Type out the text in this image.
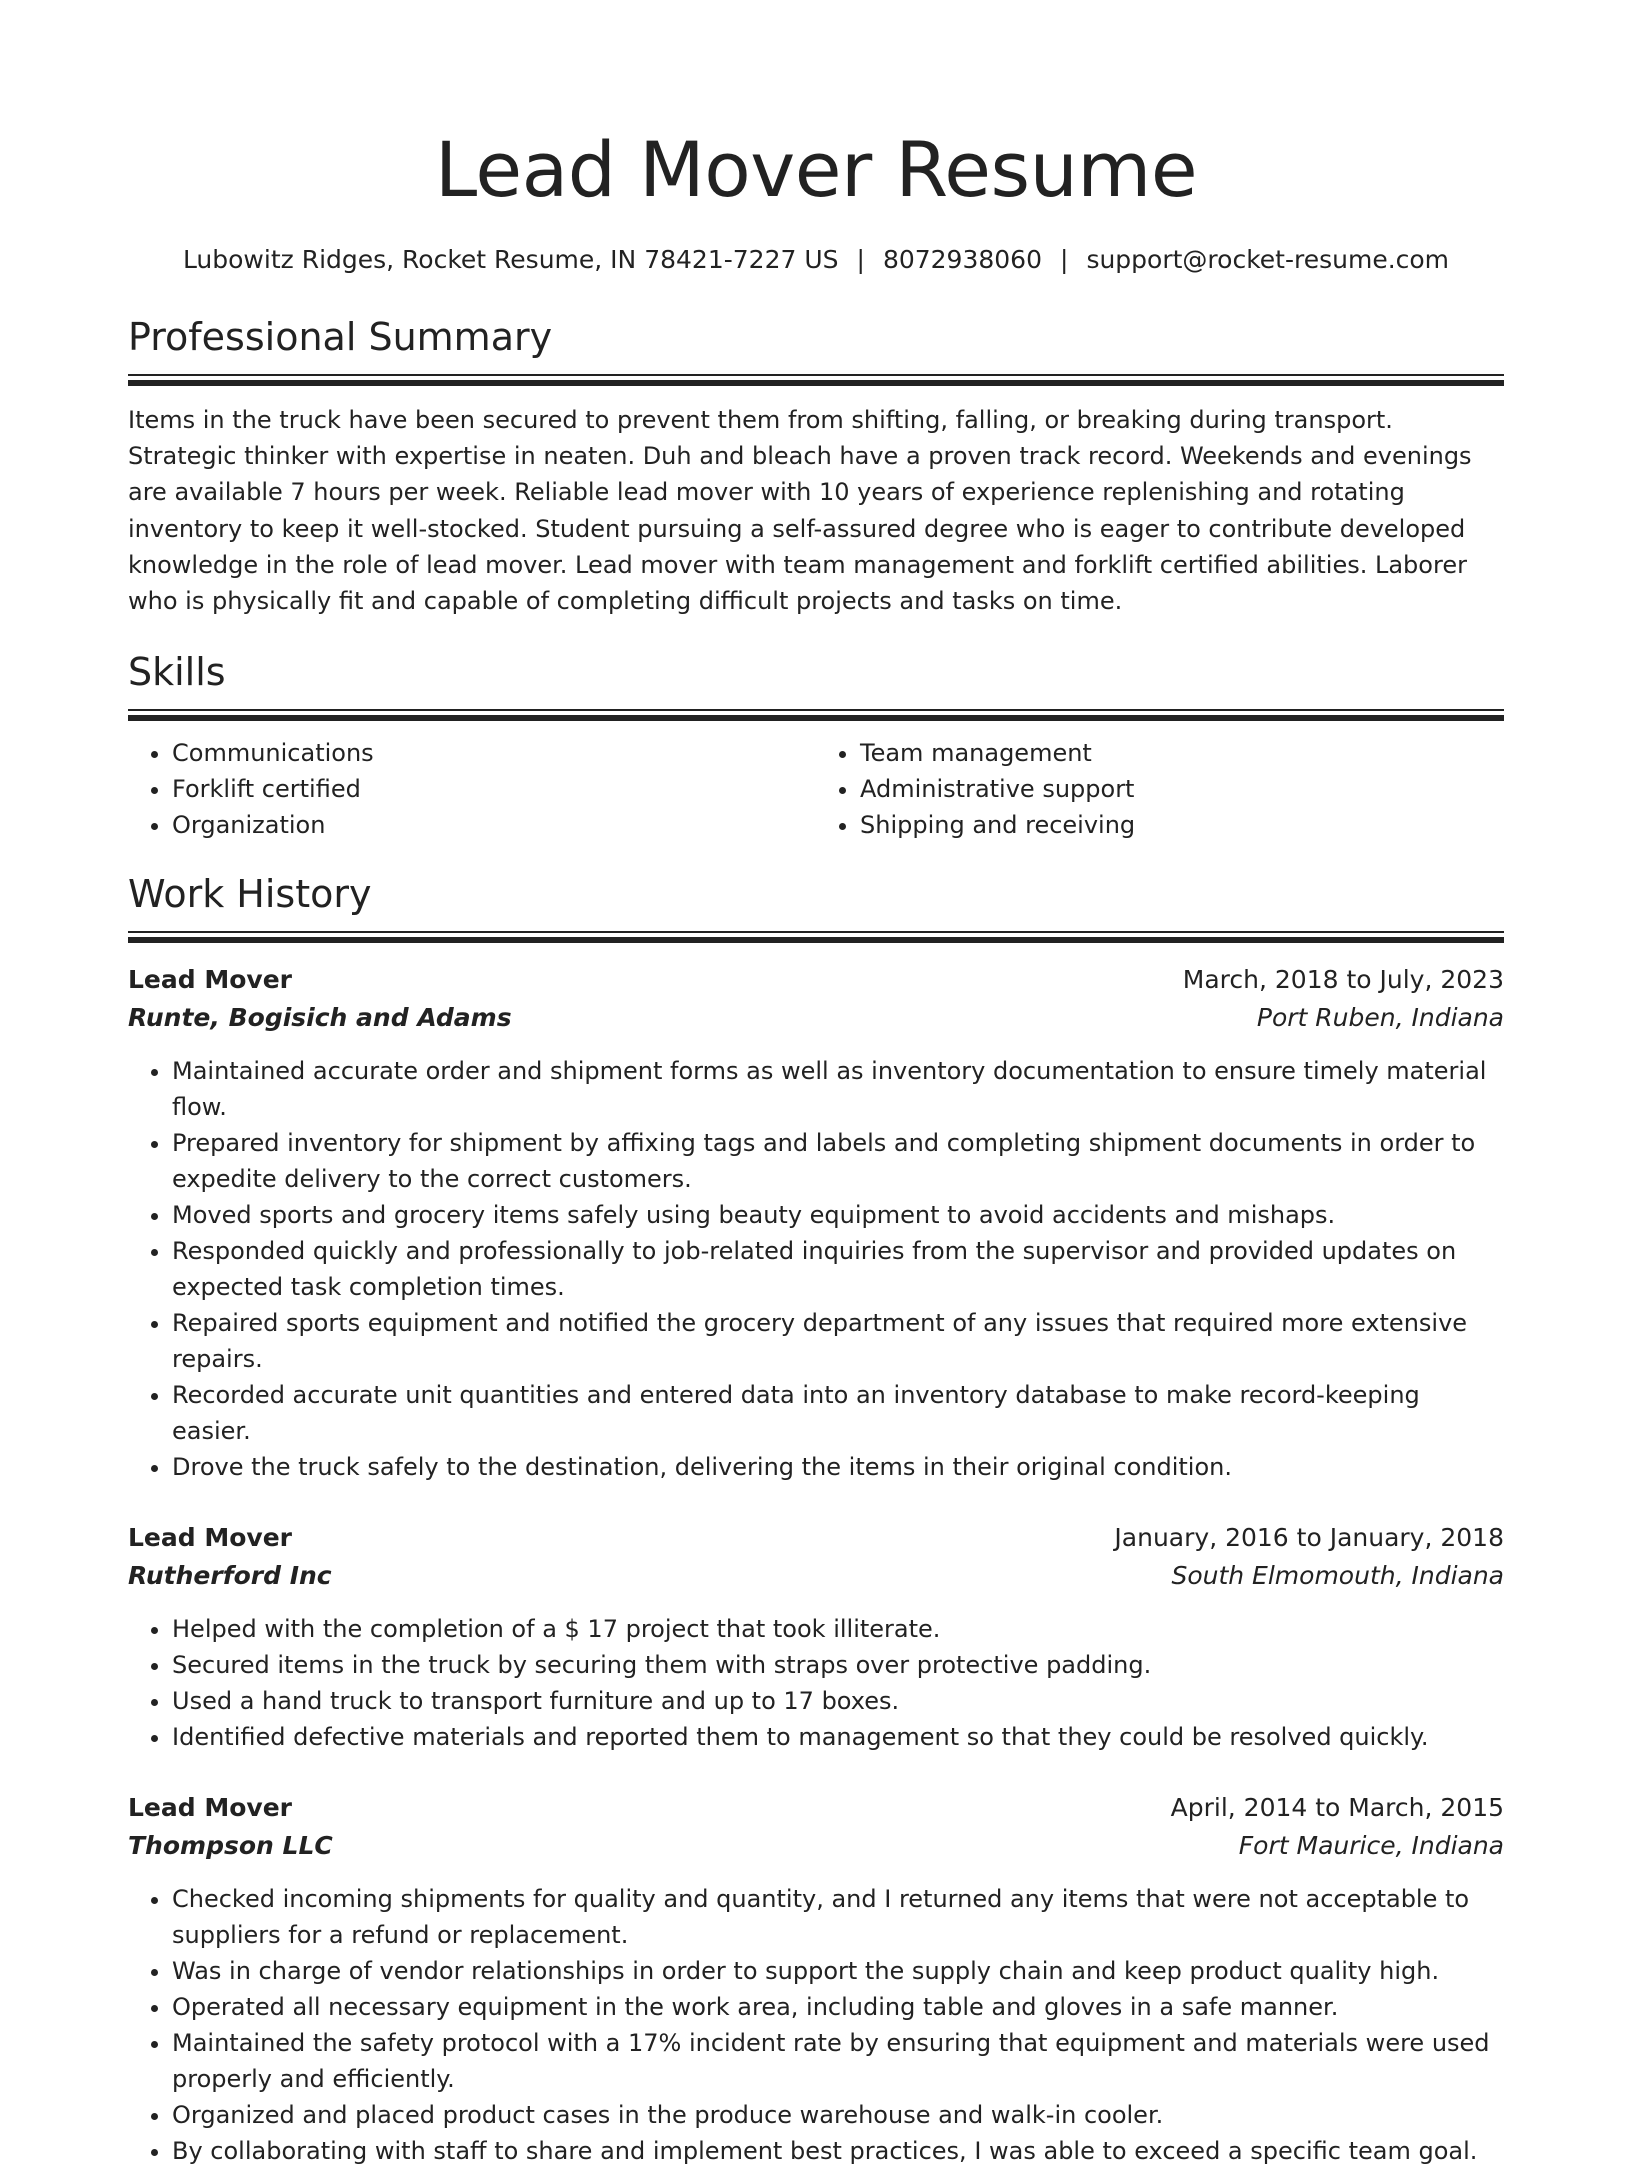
Lead Mover Resume
Lubowitz Ridges, Rocket Resume, IN 78421-7227 US | 8072938060 | support@rocket-resume.com
Professional Summary

Items in the truck have been secured to prevent them from shifting, falling, or breaking during transport. Strategic thinker with expertise in neaten. Duh and bleach have a proven track record. Weekends and evenings are available 7 hours per week. Reliable lead mover with 10 years of experience replenishing and rotating inventory to keep it well-stocked. Student pursuing a self-assured degree who is eager to contribute developed knowledge in the role of lead mover. Lead mover with team management and forklift certified abilities. Laborer who is physically fit and capable of completing difficult projects and tasks on time.

Skills
• Communications
• Forklift certified
• Organization
• Team management
• Administrative support
• Shipping and receiving
Work History
Lead Mover	March, 2018 to July, 2023
Runte, Bogisich and Adams	Port Ruben, Indiana
• Maintained accurate order and shipment forms as well as inventory documentation to ensure timely material flow.
• Prepared inventory for shipment by affixing tags and labels and completing shipment documents in order to expedite delivery to the correct customers.
• Moved sports and grocery items safely using beauty equipment to avoid accidents and mishaps.
• Responded quickly and professionally to job-related inquiries from the supervisor and provided updates on expected task completion times.
• Repaired sports equipment and notified the grocery department of any issues that required more extensive repairs.
• Recorded accurate unit quantities and entered data into an inventory database to make record-keeping easier.
• Drove the truck safely to the destination, delivering the items in their original condition.
Lead Mover	January, 2016 to January, 2018
Rutherford Inc	South Elmomouth, Indiana
• Helped with the completion of a $ 17 project that took illiterate.
• Secured items in the truck by securing them with straps over protective padding.
• Used a hand truck to transport furniture and up to 17 boxes.
• Identified defective materials and reported them to management so that they could be resolved quickly.
Lead Mover	April, 2014 to March, 2015
Thompson LLC	Fort Maurice, Indiana
• Checked incoming shipments for quality and quantity, and I returned any items that were not acceptable to suppliers for a refund or replacement.
• Was in charge of vendor relationships in order to support the supply chain and keep product quality high.
• Operated all necessary equipment in the work area, including table and gloves in a safe manner.
• Maintained the safety protocol with a 17% incident rate by ensuring that equipment and materials were used properly and efficiently.
• Organized and placed product cases in the produce warehouse and walk-in cooler.
• By collaborating with staff to share and implement best practices, I was able to exceed a specific team goal.
